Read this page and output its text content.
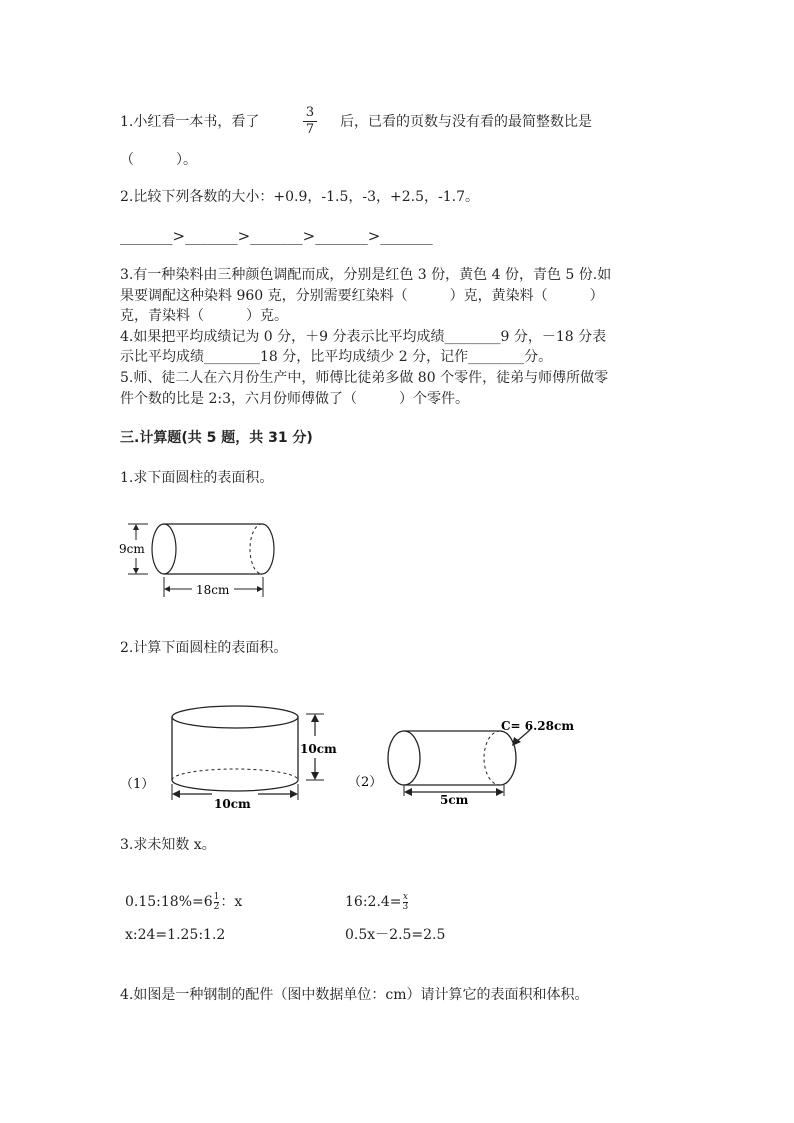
1.小红看一本书，看了
3
7 后，已看的页数与没有看的最简整数比是
（　　　）。
2.比较下列各数的大小：+0.9，-1.5，-3，+2.5，-1.7。
_______>_______>_______>_______>_______
3.有一种染料由三种颜色调配而成，分别是红色 3 份，黄色 4 份，青色 5 份.如
果要调配这种染料 960 克，分别需要红染料（　　　）克，黄染料（　　　）
克，青染料（　　　）克。
4.如果把平均成绩记为 0 分，＋9 分表示比平均成绩________9 分，－18 分表
示比平均成绩________18 分，比平均成绩少 2 分，记作________分。
5.师、徒二人在六月份生产中，师傅比徒弟多做 80 个零件，徒弟与师傅所做零
件个数的比是 2:3，六月份师傅做了（　　　）个零件。
三.计算题(共 5 题，共 31 分)
1.求下面圆柱的表面积。
9cm
18cm
2.计算下面圆柱的表面积。
（1）
10cm
10cm
（2）
C= 6.28cm
5cm
3.求未知数 x。
$0.15:18\%=6\frac{1}{2}$：x	$16:2.4=\frac{x}{3}$
x:24=1.25:1.2	0.5x－2.5=2.5
4.如图是一种钢制的配件（图中数据单位：cm）请计算它的表面积和体积。
